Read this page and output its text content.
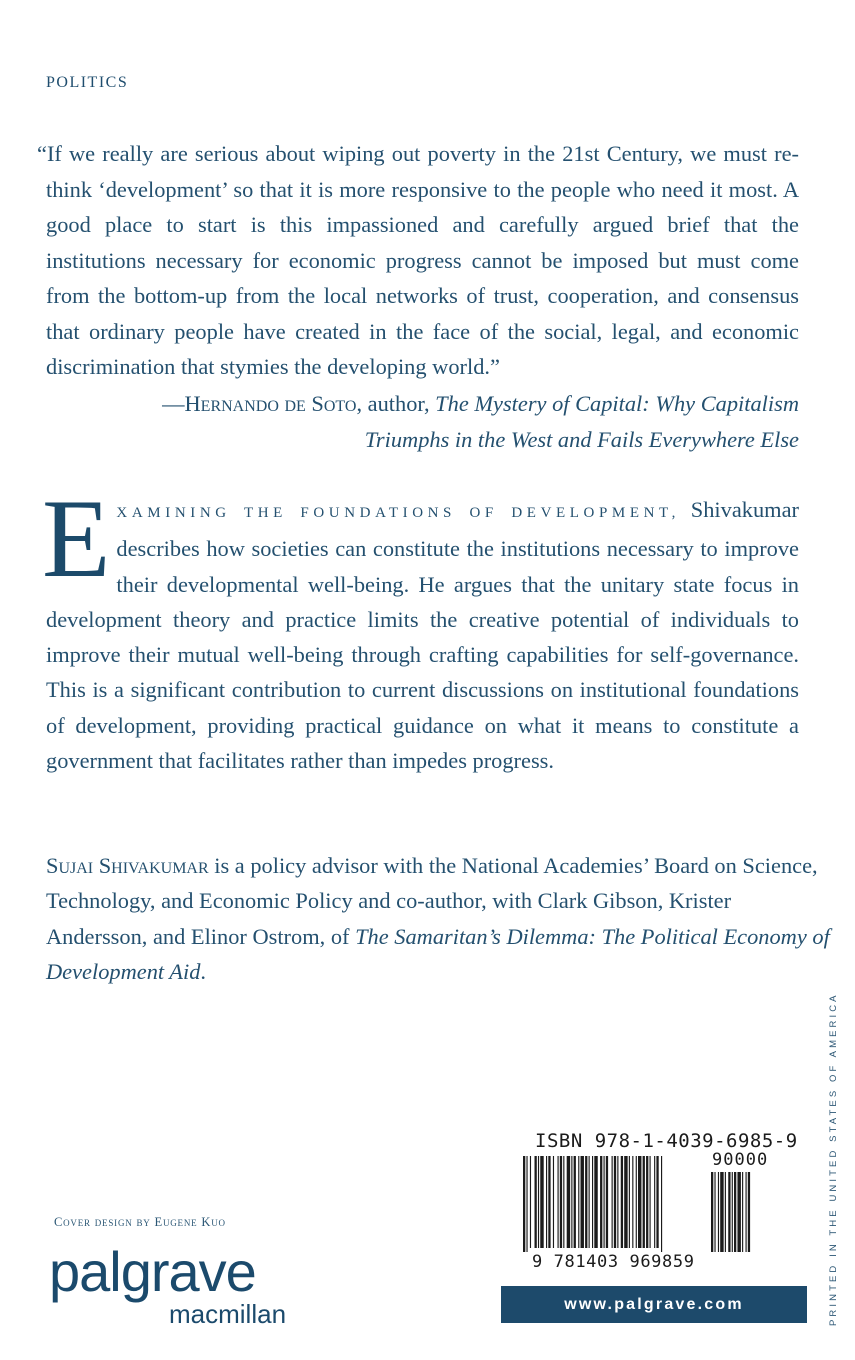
POLITICS

“If we really are serious about wiping out poverty in the 21st Century, we must re-think ‘development’ so that it is more responsive to the people who need it most. A good place to start is this impassioned and carefully argued brief that the institutions necessary for economic progress cannot be imposed but must come from the bottom-up from the local networks of trust, cooperation, and consensus that ordinary people have created in the face of the social, legal, and economic discrimination that stymies the developing world.”

—Hernando de Soto, author, The Mystery of Capital: Why Capitalism Triumphs in the West and Fails Everywhere Else
EXAMINING THE FOUNDATIONS OF DEVELOPMENT, Shivakumar describes how societies can constitute the institutions necessary to improve their developmental well-being. He argues that the unitary state focus in development theory and practice limits the creative potential of individuals to improve their mutual well-being through crafting capabilities for self-governance. This is a significant contribution to current discussions on institutional foundations of development, providing practical guidance on what it means to constitute a government that facilitates rather than impedes progress.
Sujai Shivakumar is a policy advisor with the National Academies’ Board on Science, Technology, and Economic Policy and co-author, with Clark Gibson, Krister Andersson, and Elinor Ostrom, of The Samaritan’s Dilemma: The Political Economy of Development Aid.
PRINTED IN THE UNITED STATES OF AMERICA
ISBN 978-1-4039-6985-9
90000
9 781403 969859
Cover design by Eugene Kuo
palgrave
macmillan	www.palgrave.com
